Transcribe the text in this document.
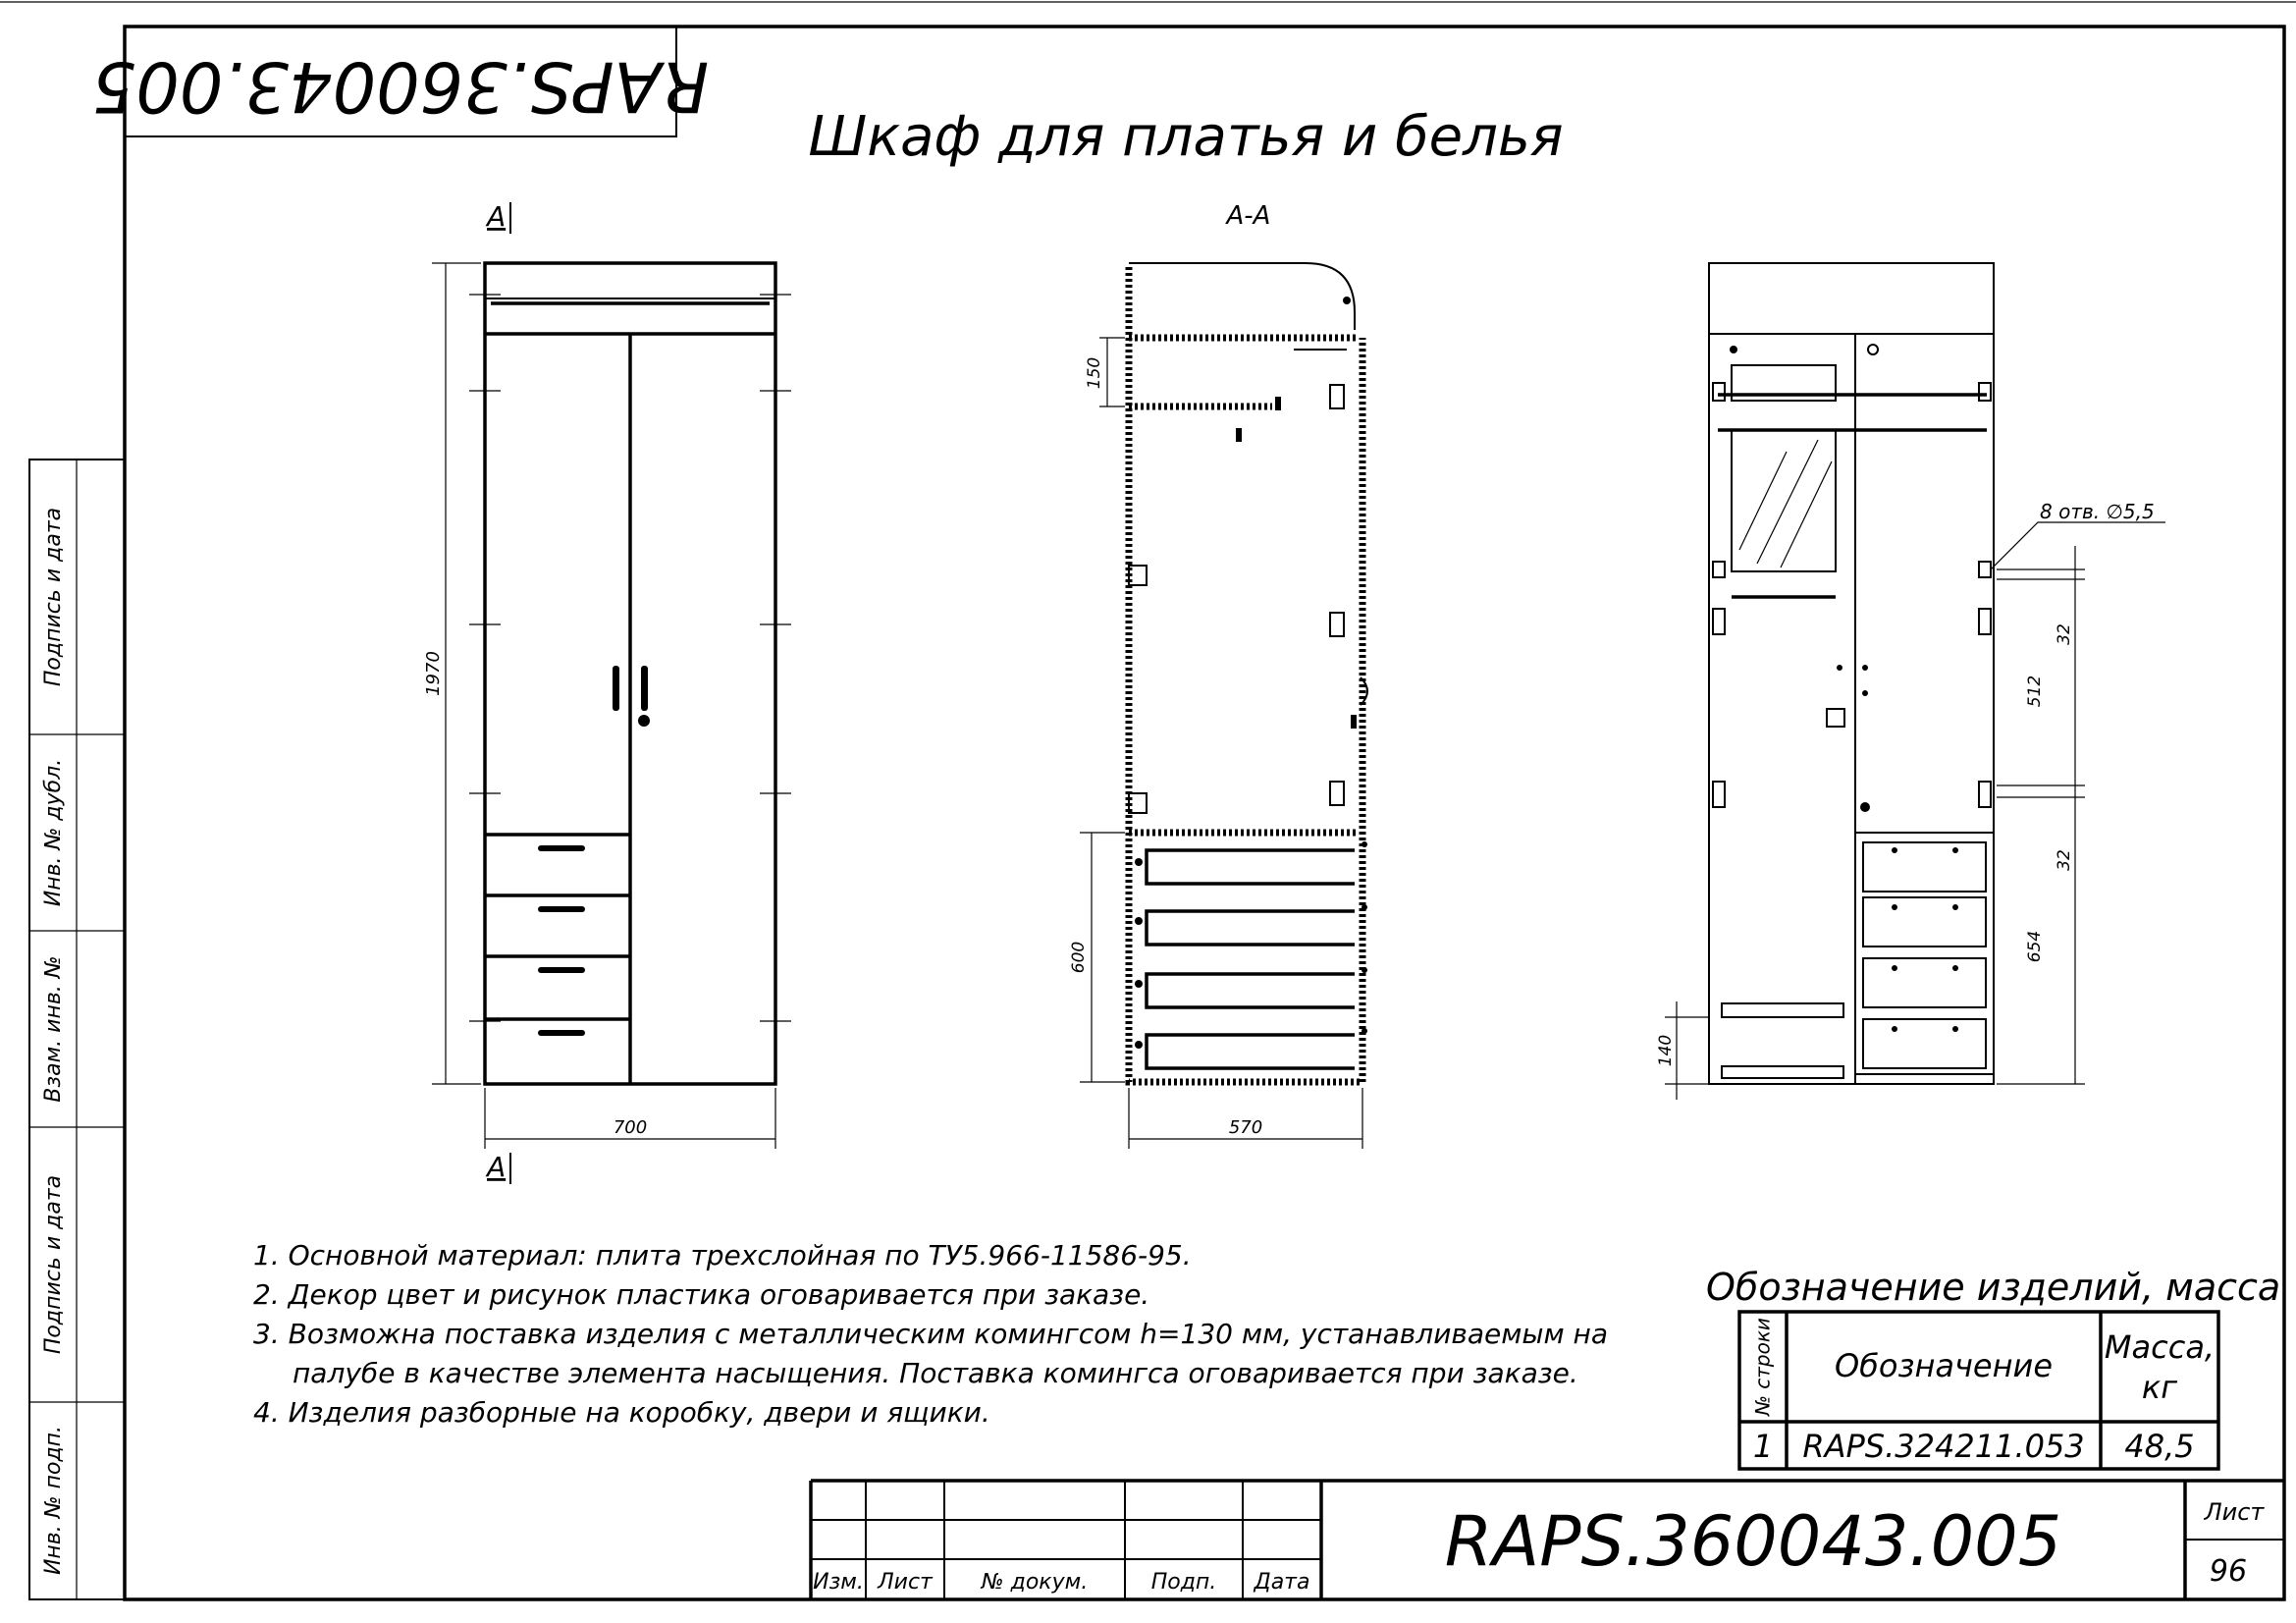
RAPS.360043.005
Шкаф для платья и белья
Подпись и дата
Инв. № дубл.
Взам. инв. №
Подпись и дата
Инв. № подп.
А
А
1970
700
А-А
150
600
570
8 отв. ∅5,5
32
512
32
654
140
1. Основной материал: плита трехслойная по ТУ5.966-11586-95.
2. Декор цвет и рисунок пластика оговаривается при заказе.
3. Возможна поставка изделия с металлическим комингсом h=130 мм, устанавливаемым на
палубе в качестве элемента насыщения. Поставка комингса оговаривается при заказе.
4. Изделия разборные на коробку, двери и ящики.
Обозначение изделий, масса
№ строки Обозначение Масса,
кг
1 RAPS.324211.053 48,5
Изм. Лист № докум.	Подп. Дата
RAPS.360043.005	Лист
96
